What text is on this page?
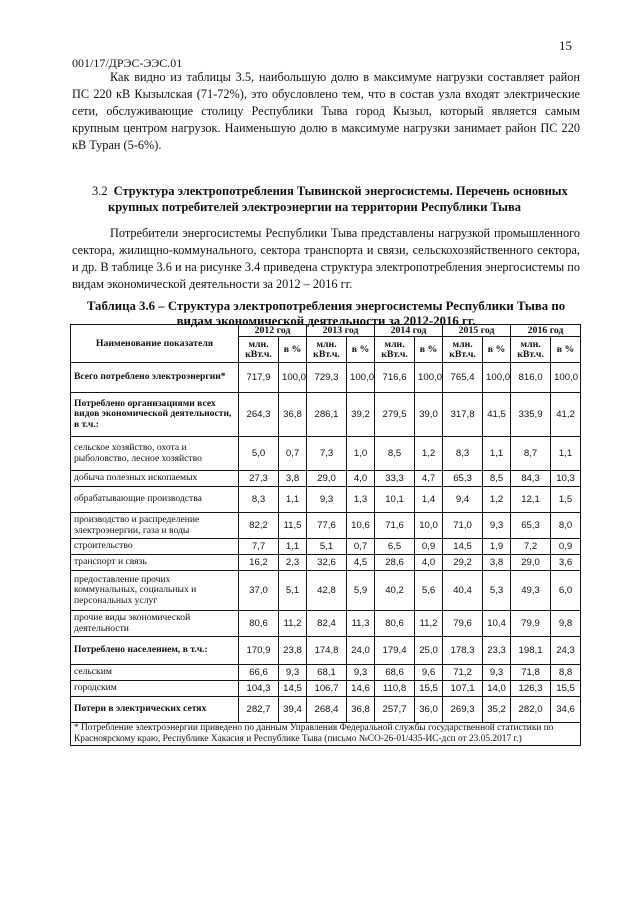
15
001/17/ДРЭС-ЭЭС.01
Как видно из таблицы 3.5, наибольшую долю в максимуме нагрузки составляет район ПС 220 кВ Кызылская (71-72%), это обусловлено тем, что в состав узла входят электрические сети, обслуживающие столицу Республики Тыва город Кызыл, который является самым крупным центром нагрузок. Наименьшую долю в максимуме нагрузки занимает район ПС 220 кВ Туран (5-6%).
3.2 Структура электропотребления Тывинской энергосистемы. Перечень основных
крупных потребителей электроэнергии на территории Республики Тыва
Потребители энергосистемы Республики Тыва представлены нагрузкой промышленного сектора, жилищно-коммунального, сектора транспорта и связи, сельскохозяйственного сектора, и др. В таблице 3.6 и на рисунке 3.4 приведена структура электропотребления энергосистемы по видам экономической деятельности за 2012 – 2016 гг.
Таблица 3.6 – Структура электропотребления энергосистемы Республики Тыва по
видам экономической деятельности за 2012-2016 гг.
Наименование показателя	2012 год		2013 год		2014 год		2015 год		2016 год	
	млн. кВт.ч.	в %	млн. кВт.ч.	в %	млн. кВт.ч.	в %	млн. кВт.ч.	в %	млн. кВт.ч.	в %
Всего потреблено электроэнергии*	717,9	100,0	729,3	100,0	716,6	100,0	765,4	100,0	816,0	100,0
Потреблено организациями всех видов экономической деятельности, в т.ч.:	264,3	36,8	286,1	39,2	279,5	39,0	317,8	41,5	335,9	41,2
сельское хозяйство, охота и рыболовство, лесное хозяйство	5,0	0,7	7,3	1,0	8,5	1,2	8,3	1,1	8,7	1,1
добыча полезных ископаемых	27,3	3,8	29,0	4,0	33,3	4,7	65,3	8,5	84,3	10,3
обрабатывающие производства	8,3	1,1	9,3	1,3	10,1	1,4	9,4	1,2	12,1	1,5
производство и распределение электроэнергии, газа и воды	82,2	11,5	77,6	10,6	71,6	10,0	71,0	9,3	65,3	8,0
строительство	7,7	1,1	5,1	0,7	6,5	0,9	14,5	1,9	7,2	0,9
транспорт и связь	16,2	2,3	32,6	4,5	28,6	4,0	29,2	3,8	29,0	3,6
предоставление прочих коммунальных, социальных и персональных услуг	37,0	5,1	42,8	5,9	40,2	5,6	40,4	5,3	49,3	6,0
прочие виды экономической деятельности	80,6	11,2	82,4	11,3	80,6	11,2	79,6	10,4	79,9	9,8
Потреблено населением, в т.ч.:	170,9	23,8	174,8	24,0	179,4	25,0	178,3	23,3	198,1	24,3
сельским	66,6	9,3	68,1	9,3	68,6	9,6	71,2	9,3	71,8	8,8
городским	104,3	14,5	106,7	14,6	110,8	15,5	107,1	14,0	126,3	15,5
Потери в электрических сетях	282,7	39,4	268,4	36,8	257,7	36,0	269,3	35,2	282,0	34,6
* Потребление электроэнергии приведено по данным Управления Федеральной службы государственной статистики по Красноярскому краю, Республике Хакасия и Республике Тыва (письмо №СО-26-01/435-ИС-дсп от 23.05.2017 г.)										
